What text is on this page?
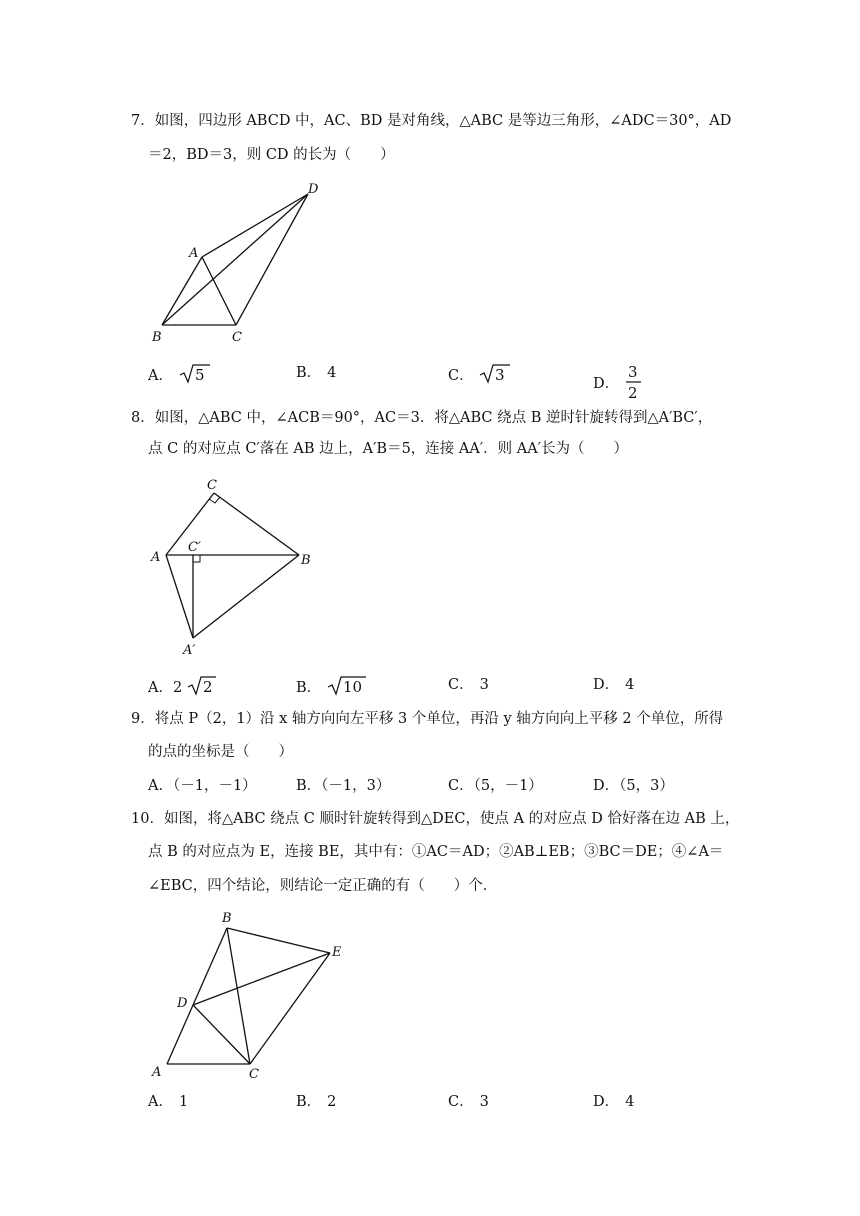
7．如图，四边形 ABCD 中，AC、BD 是对角线，△ABC 是等边三角形，∠ADC＝30°，AD
＝2，BD＝3，则 CD 的长为（　　）
A
B	C
D
A． 5	B． 4	C． 3	D．
3
2
8．如图，△ABC 中，∠ACB＝90°，AC＝3．将△ABC 绕点 B 逆时针旋转得到△A′BC′，
点 C 的对应点 C′落在 AB 边上，A′B＝5，连接 AA′．则 AA′长为（　　）
C
A
C′
B
A′
A．2 2	B． 10	C． 3	D． 4
9．将点 P（2，1）沿 x 轴方向向左平移 3 个单位，再沿 y 轴方向向上平移 2 个单位，所得
的点的坐标是（　　）
A．（－1，－1）	B．（－1，3）	C．（5，－1）	D．（5，3）
10．如图，将△ABC 绕点 C 顺时针旋转得到△DEC，使点 A 的对应点 D 恰好落在边 AB 上，
点 B 的对应点为 E，连接 BE，其中有：①AC＝AD；②AB⊥EB；③BC＝DE；④∠A＝
∠EBC，四个结论，则结论一定正确的有（　　）个．
B
E
D
A	C
A． 1	B． 2	C． 3	D． 4
